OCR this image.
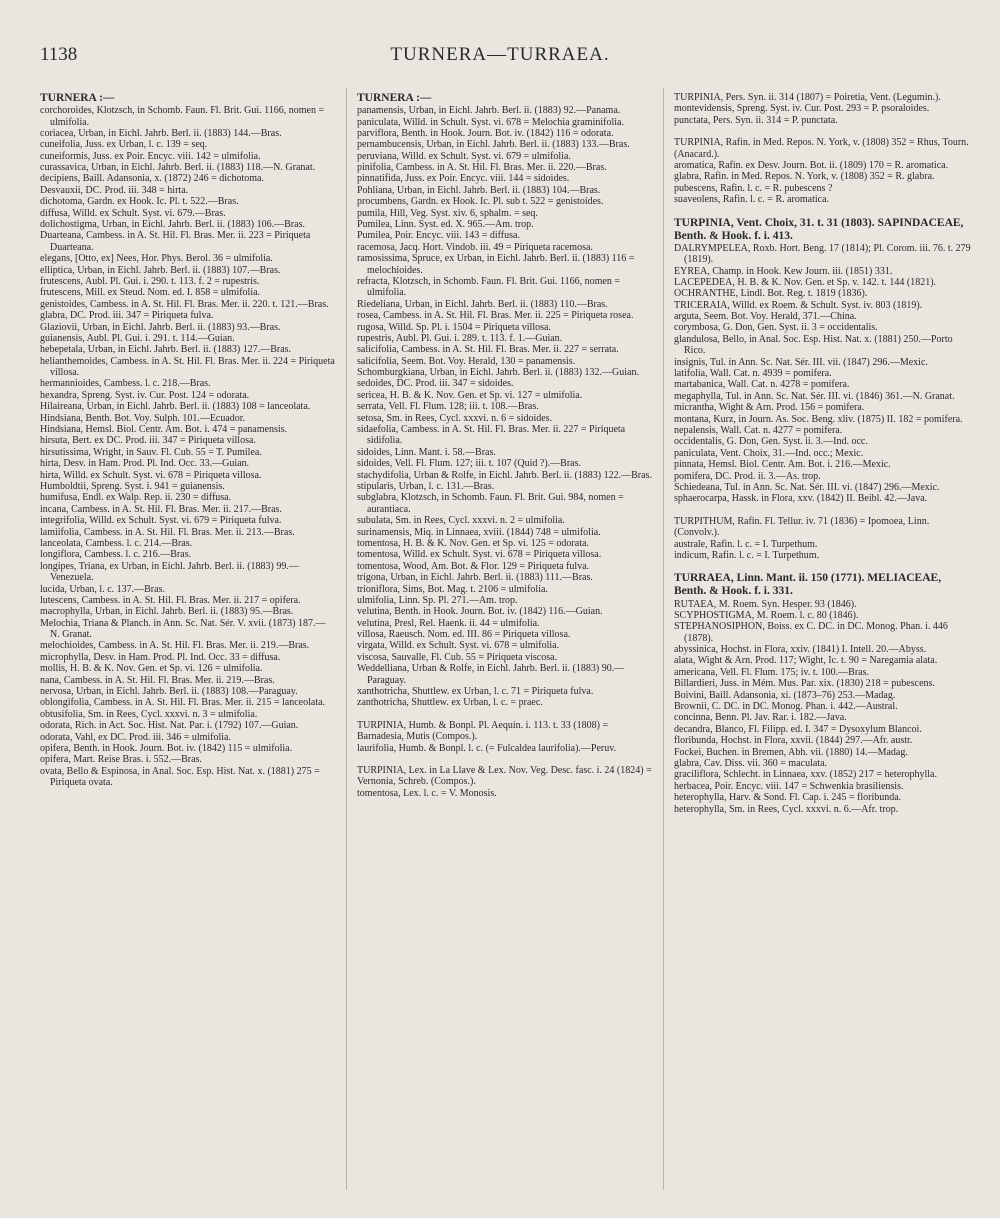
1138	TURNERA—TURRAEA.

TURNERA :—

corchoroides, Klotzsch, in Schomb. Faun. Fl. Brit. Gui. 1166, nomen = ulmifolia.

coriacea, Urban, in Eichl. Jahrb. Berl. ii. (1883) 144.—Bras.

cuneifolia, Juss. ex Urban, l. c. 139 = seq.

cuneiformis, Juss. ex Poir. Encyc. viii. 142 = ulmifolia.

curassavica, Urban, in Eichl. Jahrb. Berl. ii. (1883) 118.—N. Granat.

decipiens, Baill. Adansonia, x. (1872) 246 = dichotoma.

Desvauxii, DC. Prod. iii. 348 = hirta.

dichotoma, Gardn. ex Hook. Ic. Pl. t. 522.—Bras.

diffusa, Willd. ex Schult. Syst. vi. 679.—Bras.

dolichostigma, Urban, in Eichl. Jahrb. Berl. ii. (1883) 106.—Bras.

Duarteana, Cambess. in A. St. Hil. Fl. Bras. Mer. ii. 223 = Piriqueta Duarteana.

elegans, [Otto, ex] Nees, Hor. Phys. Berol. 36 = ulmifolia.

elliptica, Urban, in Eichl. Jahrb. Berl. ii. (1883) 107.—Bras.

frutescens, Aubl. Pl. Gui. i. 290. t. 113. f. 2 = rupestris.

frutescens, Mill. ex Steud. Nom. ed. I. 858 = ulmifolia.

genistoides, Cambess. in A. St. Hil. Fl. Bras. Mer. ii. 220. t. 121.—Bras.

glabra, DC. Prod. iii. 347 = Piriqueta fulva.

Glaziovii, Urban, in Eichl. Jahrb. Berl. ii. (1883) 93.—Bras.

guianensis, Aubl. Pl. Gui. i. 291. t. 114.—Guian.

hebepetala, Urban, in Eichl. Jahrb. Berl. ii. (1883) 127.—Bras.

helianthemoides, Cambess. in A. St. Hil. Fl. Bras. Mer. ii. 224 = Piriqueta villosa.

hermannioides, Cambess. l. c. 218.—Bras.

hexandra, Spreng. Syst. iv. Cur. Post. 124 = odorata.

Hilaireana, Urban, in Eichl. Jahrb. Berl. ii. (1883) 108 = lanceolata.

Hindsiana, Benth. Bot. Voy. Sulph. 101.—Ecuador.

Hindsiana, Hemsl. Biol. Centr. Am. Bot. i. 474 = panamensis.

hirsuta, Bert. ex DC. Prod. iii. 347 = Piriqueta villosa.

hirsutissima, Wright, in Sauv. Fl. Cub. 55 = T. Pumilea.

hirta, Desv. in Ham. Prod. Pl. Ind. Occ. 33.—Guian.

hirta, Willd. ex Schult. Syst. vi. 678 = Piriqueta villosa.

Humboldtii, Spreng. Syst. i. 941 = guianensis.

humifusa, Endl. ex Walp. Rep. ii. 230 = diffusa.

incana, Cambess. in A. St. Hil. Fl. Bras. Mer. ii. 217.—Bras.

integrifolia, Willd. ex Schult. Syst. vi. 679 = Piriqueta fulva.

lamiifolia, Cambess. in A. St. Hil. Fl. Bras. Mer. ii. 213.—Bras.

lanceolata, Cambess. l. c. 214.—Bras.

longiflora, Cambess. l. c. 216.—Bras.

longipes, Triana, ex Urban, in Eichl. Jahrb. Berl. ii. (1883) 99.—Venezuela.

lucida, Urban, l. c. 137.—Bras.

lutescens, Cambess. in A. St. Hil. Fl. Bras. Mer. ii. 217 = opifera.

macrophylla, Urban, in Eichl. Jahrb. Berl. ii. (1883) 95.—Bras.

Melochia, Triana & Planch. in Ann. Sc. Nat. Sér. V. xvii. (1873) 187.—N. Granat.

melochioides, Cambess. in A. St. Hil. Fl. Bras. Mer. ii. 219.—Bras.

microphylla, Desv. in Ham. Prod. Pl. Ind. Occ. 33 = diffusa.

mollis, H. B. & K. Nov. Gen. et Sp. vi. 126 = ulmifolia.

nana, Cambess. in A. St. Hil. Fl. Bras. Mer. ii. 219.—Bras.

nervosa, Urban, in Eichl. Jahrb. Berl. ii. (1883) 108.—Paraguay.

oblongifolia, Cambess. in A. St. Hil. Fl. Bras. Mer. ii. 215 = lanceolata.

obtusifolia, Sm. in Rees, Cycl. xxxvi. n. 3 = ulmifolia.

odorata, Rich. in Act. Soc. Hist. Nat. Par. i. (1792) 107.—Guian.

odorata, Vahl, ex DC. Prod. iii. 346 = ulmifolia.

opifera, Benth. in Hook. Journ. Bot. iv. (1842) 115 = ulmifolia.

opifera, Mart. Reise Bras. i. 552.—Bras.

ovata, Bello & Espinosa, in Anal. Soc. Esp. Hist. Nat. x. (1881) 275 = Piriqueta ovata.

TURNERA :—

panamensis, Urban, in Eichl. Jahrb. Berl. ii. (1883) 92.—Panama.

paniculata, Willd. in Schult. Syst. vi. 678 = Melochia graminifolia.

parviflora, Benth. in Hook. Journ. Bot. iv. (1842) 116 = odorata.

pernambucensis, Urban, in Eichl. Jahrb. Berl. ii. (1883) 133.—Bras.

peruviana, Willd. ex Schult. Syst. vi. 679 = ulmifolia.

pinifolia, Cambess. in A. St. Hil. Fl. Bras. Mer. ii. 220.—Bras.

pinnatifida, Juss. ex Poir. Encyc. viii. 144 = sidoides.

Pohliana, Urban, in Eichl. Jahrb. Berl. ii. (1883) 104.—Bras.

procumbens, Gardn. ex Hook. Ic. Pl. sub t. 522 = genistoides.

pumila, Hill, Veg. Syst. xiv. 6, sphalm. = seq.

Pumilea, Linn. Syst. ed. X. 965.—Am. trop.

Pumilea, Poir. Encyc. viii. 143 = diffusa.

racemosa, Jacq. Hort. Vindob. iii. 49 = Piriqueta racemosa.

ramosissima, Spruce, ex Urban, in Eichl. Jahrb. Berl. ii. (1883) 116 = melochioides.

refracta, Klotzsch, in Schomb. Faun. Fl. Brit. Gui. 1166, nomen = ulmifolia.

Riedeliana, Urban, in Eichl. Jahrb. Berl. ii. (1883) 110.—Bras.

rosea, Cambess. in A. St. Hil. Fl. Bras. Mer. ii. 225 = Piriqueta rosea.

rugosa, Willd. Sp. Pl. i. 1504 = Piriqueta villosa.

rupestris, Aubl. Pl. Gui. i. 289. t. 113. f. 1.—Guian.

salicifolia, Cambess. in A. St. Hil. Fl. Bras. Mer. ii. 227 = serrata.

salicifolia, Seem. Bot. Voy. Herald, 130 = panamensis.

Schomburgkiana, Urban, in Eichl. Jahrb. Berl. ii. (1883) 132.—Guian.

sedoides, DC. Prod. iii. 347 = sidoides.

sericea, H. B. & K. Nov. Gen. et Sp. vi. 127 = ulmifolia.

serrata, Vell. Fl. Flum. 128; iii. t. 108.—Bras.

setosa, Sm. in Rees, Cycl. xxxvi. n. 6 = sidoides.

sidaefolia, Cambess. in A. St. Hil. Fl. Bras. Mer. ii. 227 = Piriqueta sidifolia.

sidoides, Linn. Mant. i. 58.—Bras.

sidoides, Vell. Fl. Flum. 127; iii. t. 107 (Quid ?).—Bras.

stachydifolia, Urban & Rolfe, in Eichl. Jahrb. Berl. ii. (1883) 122.—Bras.

stipularis, Urban, l. c. 131.—Bras.

subglabra, Klotzsch, in Schomb. Faun. Fl. Brit. Gui. 984, nomen = aurantiaca.

subulata, Sm. in Rees, Cycl. xxxvi. n. 2 = ulmifolia.

surinamensis, Miq. in Linnaea, xviii. (1844) 748 = ulmifolia.

tomentosa, H. B. & K. Nov. Gen. et Sp. vi. 125 = odorata.

tomentosa, Willd. ex Schult. Syst. vi. 678 = Piriqueta villosa.

tomentosa, Wood, Am. Bot. & Flor. 129 = Piriqueta fulva.

trigona, Urban, in Eichl. Jahrb. Berl. ii. (1883) 111.—Bras.

trioniflora, Sims, Bot. Mag. t. 2106 = ulmifolia.

ulmifolia, Linn. Sp. Pl. 271.—Am. trop.

velutina, Benth. in Hook. Journ. Bot. iv. (1842) 116.—Guian.

velutina, Presl, Rel. Haenk. ii. 44 = ulmifolia.

villosa, Raeusch. Nom. ed. III. 86 = Piriqueta villosa.

virgata, Willd. ex Schult. Syst. vi. 678 = ulmifolia.

viscosa, Sauvalle, Fl. Cub. 55 = Piriqueta viscosa.

Weddelliana, Urban & Rolfe, in Eichl. Jahrb. Berl. ii. (1883) 90.—Paraguay.

xanthotricha, Shuttlew. ex Urban, l. c. 71 = Piriqueta fulva.

zanthotricha, Shuttlew. ex Urban, l. c. = praec.

TURPINIA, Humb. & Bonpl. Pl. Aequin. i. 113. t. 33 (1808) = Barnadesia, Mutis (Compos.).

laurifolia, Humb. & Bonpl. l. c. (= Fulcaldea laurifolia).—Peruv.

TURPINIA, Lex. in La Llave & Lex. Nov. Veg. Desc. fasc. i. 24 (1824) = Vernonia, Schreb. (Compos.).

tomentosa, Lex. l. c. = V. Monosis.

TURPINIA, Pers. Syn. ii. 314 (1807) = Poiretia, Vent. (Legumin.).

montevidensis, Spreng. Syst. iv. Cur. Post. 293 = P. psoraloides.

punctata, Pers. Syn. ii. 314 = P. punctata.

TURPINIA, Rafin. in Med. Repos. N. York, v. (1808) 352 = Rhus, Tourn. (Anacard.).

aromatica, Rafin. ex Desv. Journ. Bot. ii. (1809) 170 = R. aromatica.

glabra, Rafin. in Med. Repos. N. York, v. (1808) 352 = R. glabra.

pubescens, Rafin. l. c. = R. pubescens ?

suaveolens, Rafin. l. c. = R. aromatica.

TURPINIA, Vent. Choix, 31. t. 31 (1803). SAPINDACEAE, Benth. & Hook. f. i. 413.

DALRYMPELEA, Roxb. Hort. Beng. 17 (1814); Pl. Corom. iii. 76. t. 279 (1819).

EYREA, Champ. in Hook. Kew Journ. iii. (1851) 331.

LACEPEDEA, H. B. & K. Nov. Gen. et Sp. v. 142. t. 144 (1821).

OCHRANTHE, Lindl. Bot. Reg. t. 1819 (1836).

TRICERAIA, Willd. ex Roem. & Schult. Syst. iv. 803 (1819).

arguta, Seem. Bot. Voy. Herald, 371.—China.

corymbosa, G. Don, Gen. Syst. ii. 3 = occidentalis.

glandulosa, Bello, in Anal. Soc. Esp. Hist. Nat. x. (1881) 250.—Porto Rico.

insignis, Tul. in Ann. Sc. Nat. Sér. III. vii. (1847) 296.—Mexic.

latifolia, Wall. Cat. n. 4939 = pomifera.

martabanica, Wall. Cat. n. 4278 = pomifera.

megaphylla, Tul. in Ann. Sc. Nat. Sér. III. vi. (1846) 361.—N. Granat.

micrantha, Wight & Arn. Prod. 156 = pomifera.

montana, Kurz, in Journ. As. Soc. Beng. xliv. (1875) II. 182 = pomifera.

nepalensis, Wall. Cat. n. 4277 = pomifera.

occidentalis, G. Don, Gen. Syst. ii. 3.—Ind. occ.

paniculata, Vent. Choix, 31.—Ind. occ.; Mexic.

pinnata, Hemsl. Biol. Centr. Am. Bot. i. 216.—Mexic.

pomifera, DC. Prod. ii. 3.—As. trop.

Schiedeana, Tul. in Ann. Sc. Nat. Sér. III. vi. (1847) 296.—Mexic.

sphaerocarpa, Hassk. in Flora, xxv. (1842) II. Beibl. 42.—Java.

TURPITHUM, Rafin. Fl. Tellur. iv. 71 (1836) = Ipomoea, Linn. (Convolv.).

australe, Rafin. l. c. = I. Turpethum.

indicum, Rafin. l. c. = I. Turpethum.

TURRAEA, Linn. Mant. ii. 150 (1771). MELIACEAE, Benth. & Hook. f. i. 331.

RUTAEA, M. Roem. Syn. Hesper. 93 (1846).

SCYPHOSTIGMA, M. Roem. l. c. 80 (1846).

STEPHANOSIPHON, Boiss. ex C. DC. in DC. Monog. Phan. i. 446 (1878).

abyssinica, Hochst. in Flora, xxiv. (1841) I. Intell. 20.—Abyss.

alata, Wight & Arn. Prod. 117; Wight, Ic. t. 90 = Naregamia alata.

americana, Vell. Fl. Flum. 175; iv. t. 100.—Bras.

Billardieri, Juss. in Mém. Mus. Par. xix. (1830) 218 = pubescens.

Boivini, Baill. Adansonia, xi. (1873–76) 253.—Madag.

Brownii, C. DC. in DC. Monog. Phan. i. 442.—Austral.

concinna, Benn. Pl. Jav. Rar. i. 182.—Java.

decandra, Blanco, Fl. Filipp. ed. I. 347 = Dysoxylum Blancoi.

floribunda, Hochst. in Flora, xxvii. (1844) 297.—Afr. austr.

Fockei, Buchen. in Bremen, Abh. vii. (1880) 14.—Madag.

glabra, Cav. Diss. vii. 360 = maculata.

graciliflora, Schlecht. in Linnaea, xxv. (1852) 217 = heterophylla.

herbacea, Poir. Encyc. viii. 147 = Schwenkia brasiliensis.

heterophylla, Harv. & Sond. Fl. Cap. i. 245 = floribunda.

heterophylla, Sm. in Rees, Cycl. xxxvi. n. 6.—Afr. trop.
